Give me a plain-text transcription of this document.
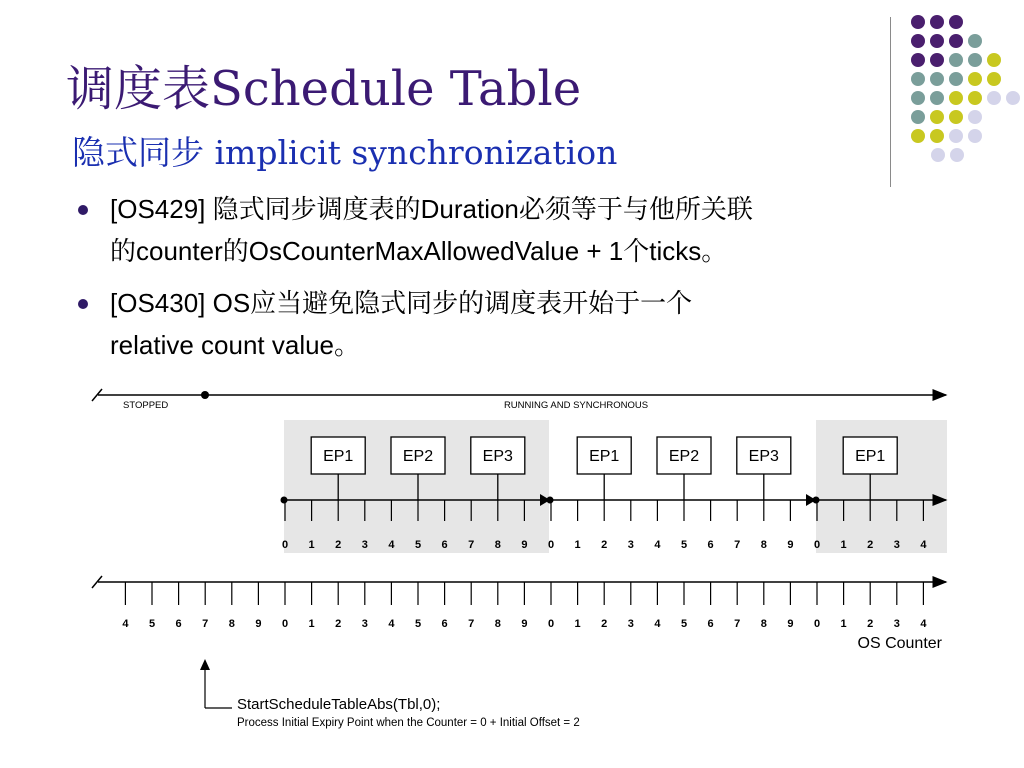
调度表Schedule Table
隐式同步 implicit synchronization
[OS429] 隐式同步调度表的Duration必须等于与他所关联
的counter的OsCounterMaxAllowedValue + 1个ticks。
[OS430] OS应当避免隐式同步的调度表开始于一个
relative count value。
STOPPED	RUNNING AND SYNCHRONOUS
EP1	EP2	EP3	EP1	EP2	EP3	EP1
0 1 2 3 4 5 6 7 8 9 0 1 2 3 4 5 6 7 8 9 0 1 2 3 4
4 5 6 7 8 9 0 1 2 3 4 5 6 7 8 9 0 1 2 3 4 5 6 7 8 9 0 1 2 3 4
OS Counter
StartScheduleTableAbs(Tbl,0);
Process Initial Expiry Point when the Counter = 0 + Initial Offset = 2
